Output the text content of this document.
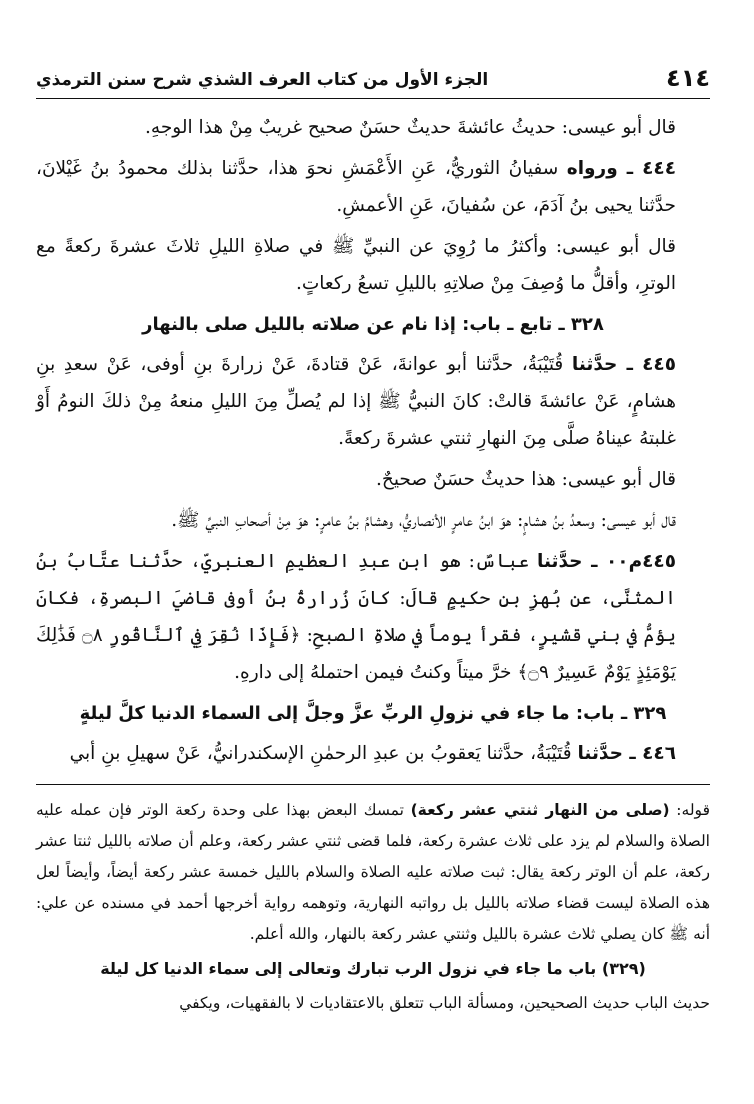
٤١٤
الجزء الأول من كتاب العرف الشذي شرح سنن الترمذي

قال أبو عيسى: حديثُ عائشةَ حديثٌ حسَنٌ صحيح غريبٌ مِنْ هذا الوجهِ.

٤٤٤ ـ ورواه سفيانُ الثوريُّ، عَنِ الأَعْمَشِ نحوَ هذا، حدَّثنا بذلك محمودُ بنُ غَيْلانَ، حدَّثنا يحيى بنُ آدَمَ، عن سُفيانَ، عَنِ الأعمشِ.

قال أبو عيسى: وأكثرُ ما رُوِيَ عن النبيِّ ﷺ في صلاةِ الليلِ ثلاثَ عشرةَ ركعةً مع الوترِ، وأقلُّ ما وُصِفَ مِنْ صلاتِهِ بالليلِ تسعُ ركعاتٍ.

٣٢٨ ـ تابع ـ باب: إذا نام عن صلاته بالليل صلى بالنهار

٤٤٥ ـ حدَّثنا قُتَيْبَةُ، حدَّثنا أبو عوانةَ، عَنْ قتادةَ، عَنْ زرارةَ بنِ أوفى، عَنْ سعدِ بنِ هشامٍ، عَنْ عائشةَ قالتْ: كانَ النبيُّ ﷺ إذا لم يُصلِّ مِنَ الليلِ منعهُ مِنْ ذلكَ النومُ أَوْ غلبتهُ عيناهُ صلَّى مِنَ النهارِ ثنتي عشرةَ ركعةً.

قال أبو عيسى: هذا حديثٌ حسَنٌ صحيحٌ.

قال أبو عيسى: وسعدُ بنُ هشامٍ: هوَ ابنُ عامرٍ الأنصاريُّ، وهشامُ بنُ عامرٍ: هوَ مِنْ أصحابِ النبيِّ ﷺ.

٤٤٥م٠٠ ـ حدَّثنا عباسٌ: هو ابن عبدِ العظيمِ العنبريّ، حدَّثنا عتَّابُ بنُ المثنَّى، عن بُهزِ بنِ حكيمٍ قالَ: كانَ زُرارةُ بنُ أوفى قاضيَ البصرةِ، فكانَ يؤمُّ في بني قشيرٍ، فقرأ يوماً في صلاةِ الصبحِ: ﴿فَإِذَا نُقِرَ فِي ٱلنَّاقُورِ ۝٨ فَذَٰلِكَ يَوْمَئِذٍ يَوْمٌ عَسِيرٌ ۝٩﴾ خرَّ ميتاً وكنتُ فيمن احتملهُ إلى دارهِ.

٣٢٩ ـ باب: ما جاء في نزولِ الربِّ عزَّ وجلَّ إلى السماء الدنيا كلَّ ليلةٍ

٤٤٦ ـ حدَّثنا قُتَيْبَةُ، حدَّثنا يَعقوبُ بن عبدِ الرحمٰنِ الإسكندرانيُّ، عَنْ سهيلِ بنِ أبي

قوله: (صلى من النهار ثنتي عشر ركعة) تمسك البعض بهذا على وحدة ركعة الوتر فإن عمله عليه الصلاة والسلام لم يزد على ثلاث عشرة ركعة، فلما قضى ثنتي عشر ركعة، وعلم أن صلاته بالليل ثنتا عشر ركعة، علم أن الوتر ركعة يقال: ثبت صلاته عليه الصلاة والسلام بالليل خمسة عشر ركعة أيضاً، وأيضاً لعل هذه الصلاة ليست قضاء صلاته بالليل بل رواتبه النهارية، وتوهمه رواية أخرجها أحمد في مسنده عن علي: أنه ﷺ كان يصلي ثلاث عشرة بالليل وثنتي عشر ركعة بالنهار، والله أعلم.

(٣٢٩) باب ما جاء في نزول الرب تبارك وتعالى إلى سماء الدنيا كل ليلة

حديث الباب حديث الصحيحين، ومسألة الباب تتعلق بالاعتقاديات لا بالفقهيات، ويكفي
